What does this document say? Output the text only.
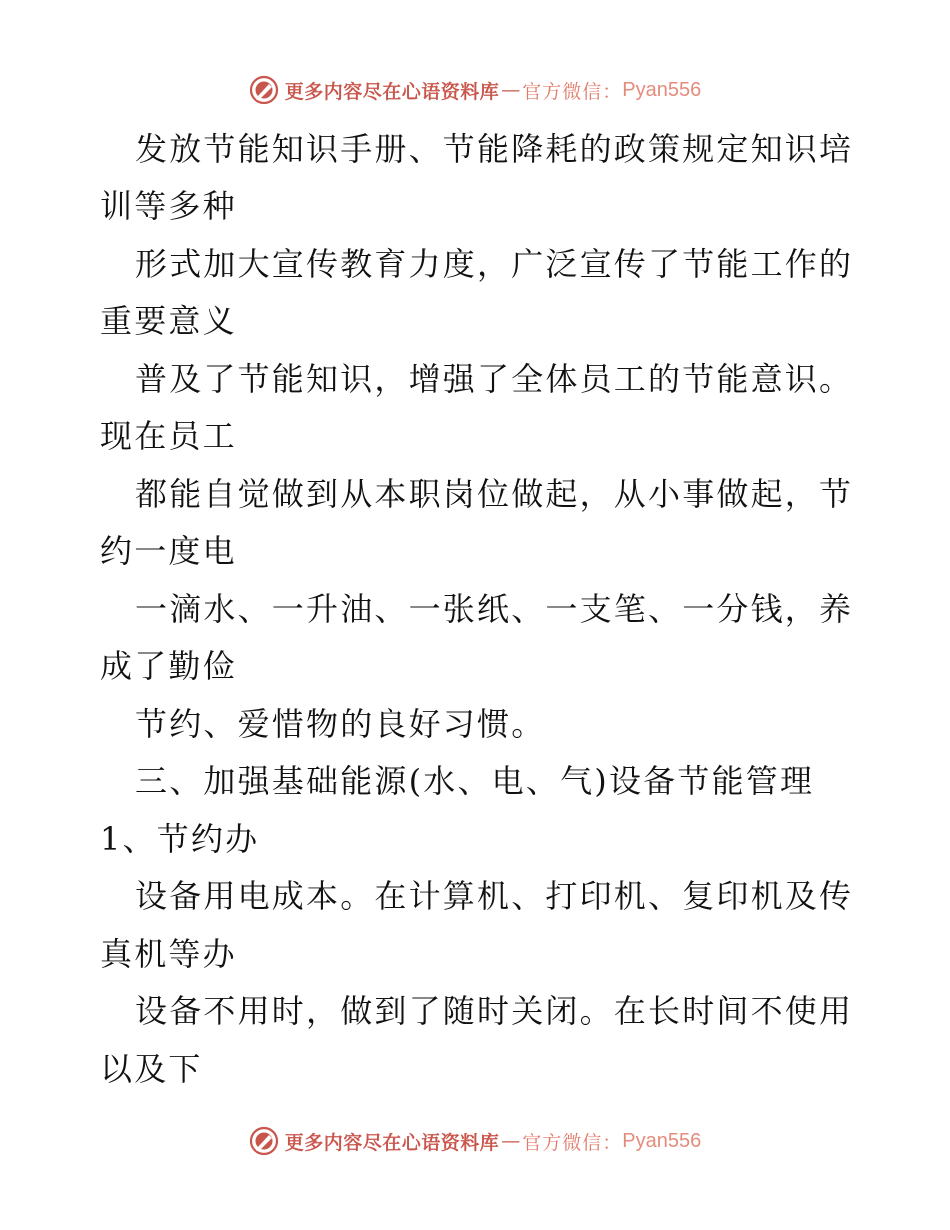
更多内容尽在心语资料库 — 官方微信： Pyan556
发放节能知识手册、节能降耗的政策规定知识培
训等多种
形式加大宣传教育力度，广泛宣传了节能工作的
重要意义
普及了节能知识，增强了全体员工的节能意识。
现在员工
都能自觉做到从本职岗位做起，从小事做起，节
约一度电
一滴水、一升油、一张纸、一支笔、一分钱，养
成了勤俭
节约、爱惜物的良好习惯。
三、加强基础能源(水、电、气)设备节能管理
1、节约办
设备用电成本。在计算机、打印机、复印机及传
真机等办
设备不用时，做到了随时关闭。在长时间不使用
以及下
更多内容尽在心语资料库 — 官方微信： Pyan556
